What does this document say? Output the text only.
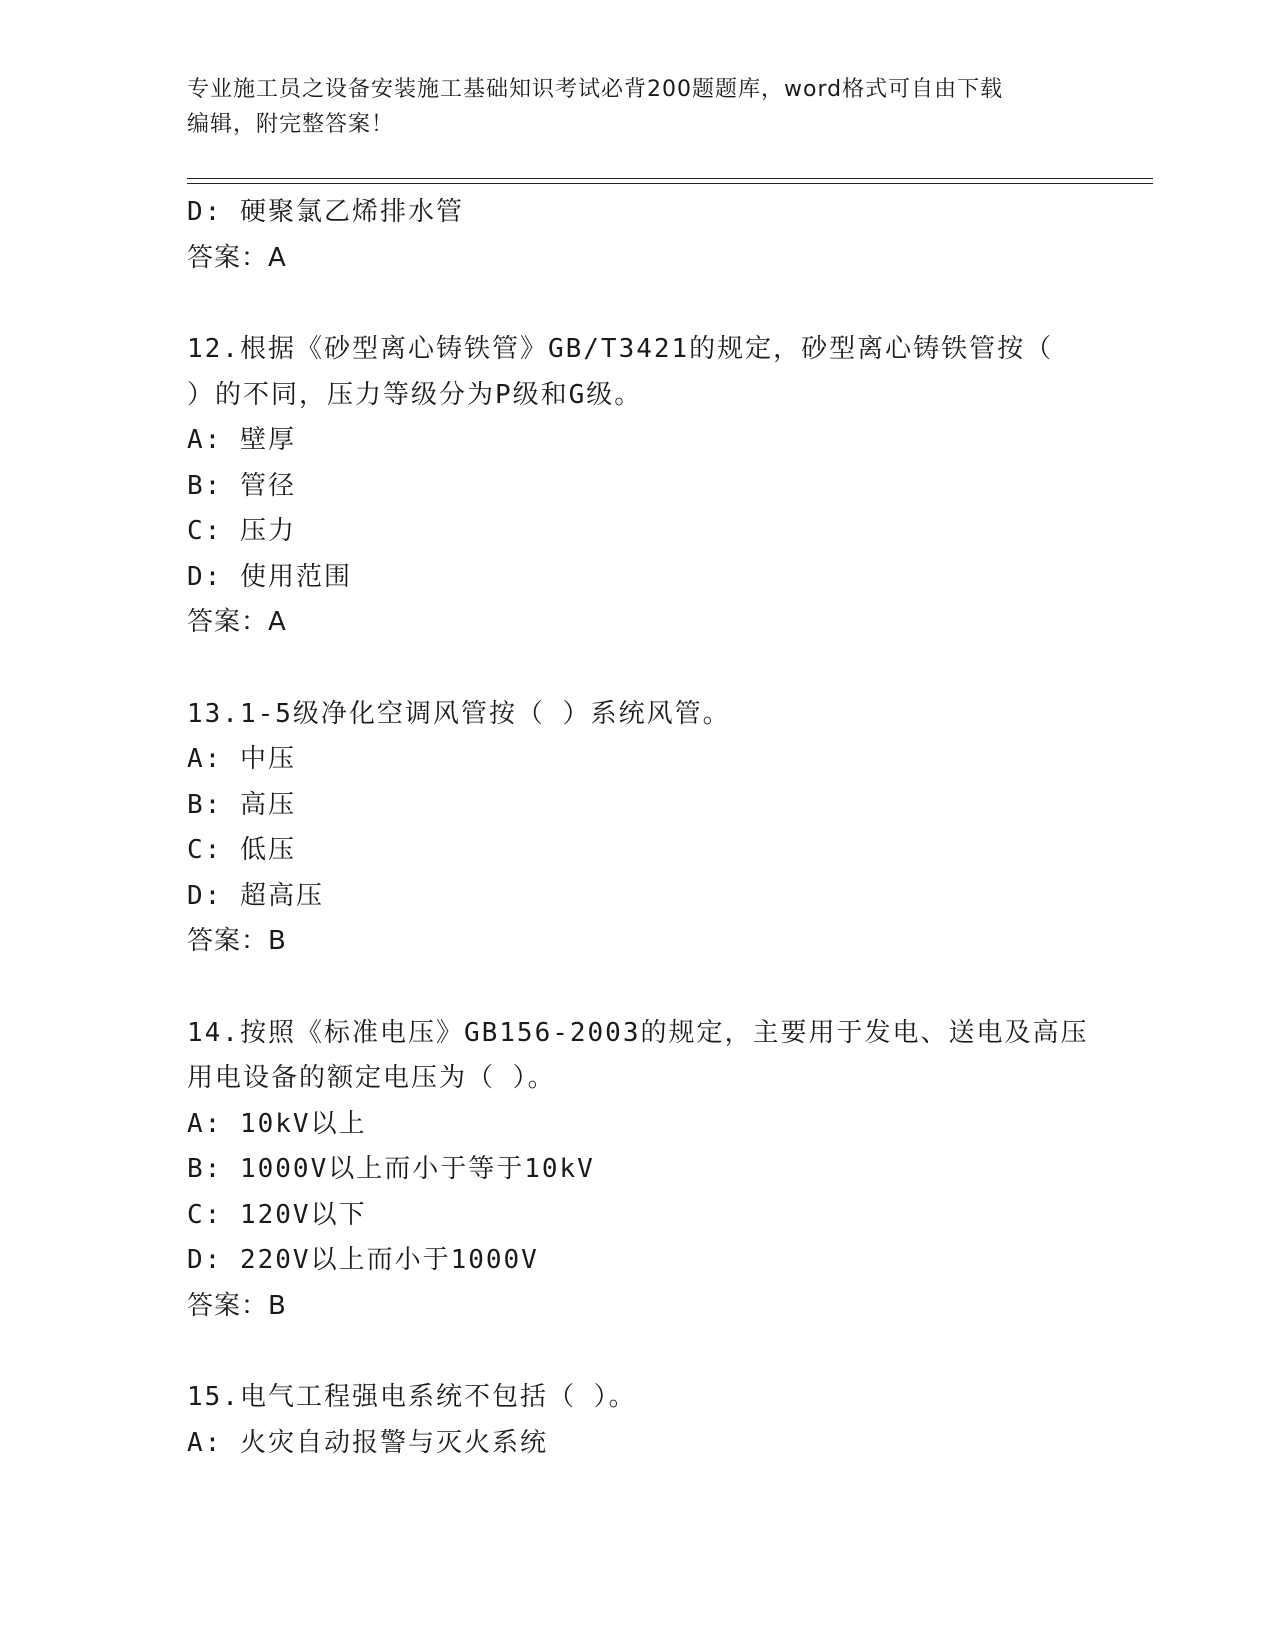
专业施工员之设备安装施工基础知识考试必背200题题库，word格式可自由下载
编辑，附完整答案！
D: 硬聚氯乙烯排水管
答案：A
12.根据《砂型离心铸铁管》GB/T3421的规定，砂型离心铸铁管按（
）的不同，压力等级分为P级和G级。
A: 壁厚
B: 管径
C: 压力
D: 使用范围
答案：A
13.1-5级净化空调风管按（ ）系统风管。
A: 中压
B: 高压
C: 低压
D: 超高压
答案：B
14.按照《标准电压》GB156-2003的规定，主要用于发电、送电及高压
用电设备的额定电压为（ ）。
A: 10kV以上
B: 1000V以上而小于等于10kV
C: 120V以下
D: 220V以上而小于1000V
答案：B
15.电气工程强电系统不包括（ ）。
A: 火灾自动报警与灭火系统
